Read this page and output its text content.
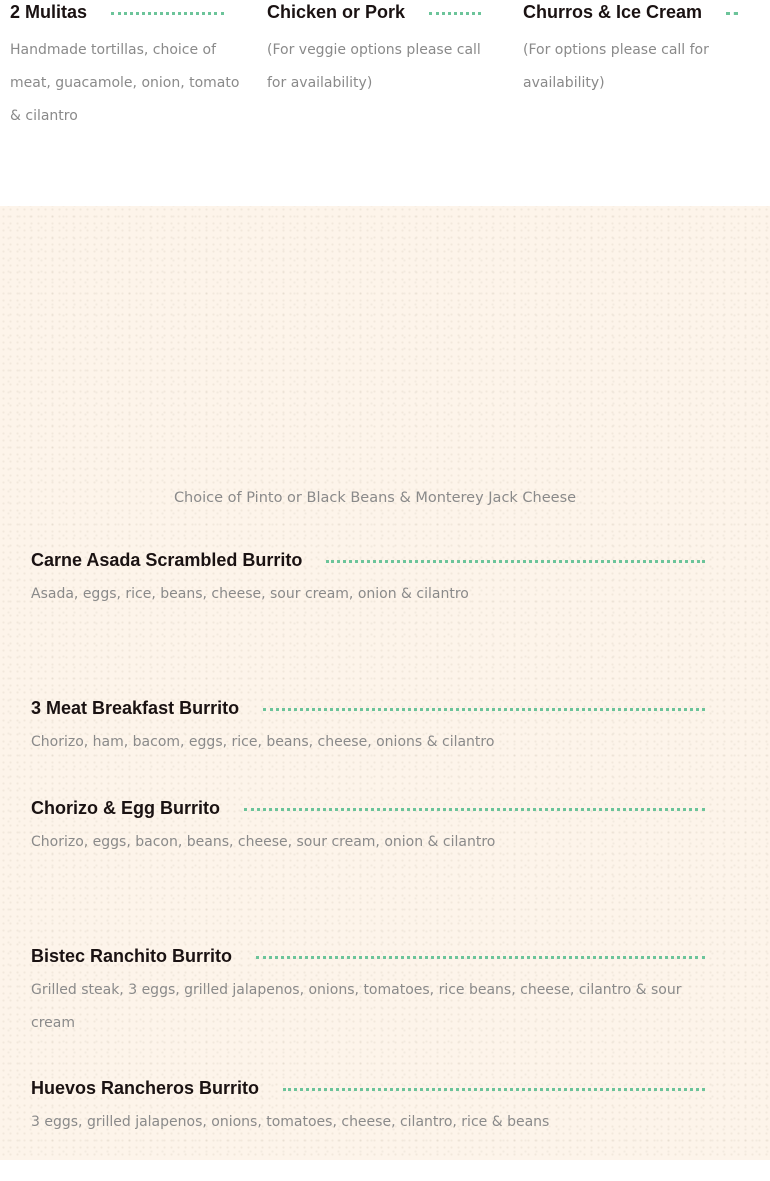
2 Mulitas
Handmade tortillas, choice of meat, guacamole, onion, tomato & cilantro
Chicken or Pork
(For veggie options please call for availability)
Churros & Ice Cream
(For options please call for availability)
Choice of Pinto or Black Beans & Monterey Jack Cheese
Carne Asada Scrambled Burrito
Asada, eggs, rice, beans, cheese, sour cream, onion & cilantro
3 Meat Breakfast Burrito
Chorizo, ham, bacom, eggs, rice, beans, cheese, onions & cilantro
Chorizo & Egg Burrito
Chorizo, eggs, bacon, beans, cheese, sour cream, onion & cilantro
Bistec Ranchito Burrito
Grilled steak, 3 eggs, grilled jalapenos, onions, tomatoes, rice beans, cheese, cilantro & sour cream
Huevos Rancheros Burrito
3 eggs, grilled jalapenos, onions, tomatoes, cheese, cilantro, rice & beans
